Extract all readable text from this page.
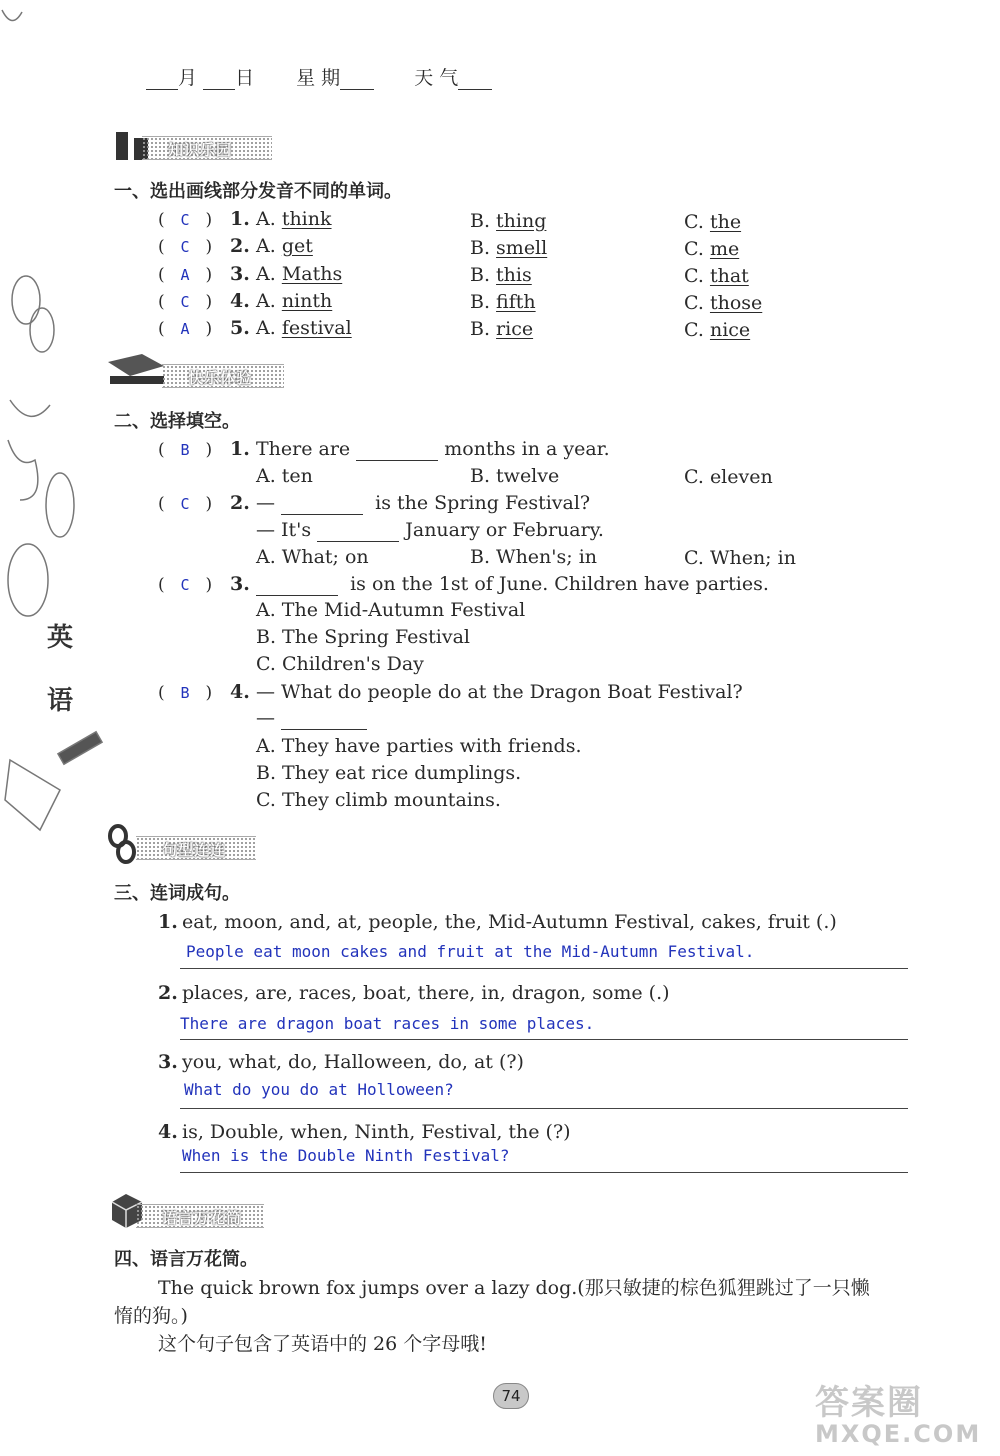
英
语
月 日 星 期	天 气
知识乐园
一、选出画线部分发音不同的单词。
( C ) 1. A. think	B. thing	C. the
( C ) 2. A. get	B. smell	C. me
( A ) 3. A. Maths	B. this	C. that
( C ) 4. A. ninth	B. fifth	C. those
( A ) 5. A. festival	B. rice	C. nice
快乐体验
二、选择填空。
( B ) 1. There are	months in a year.
A. ten	B. twelve	C. eleven
( C ) 2. —	is the Spring Festival?
— It's	January or February.
A. What; on	B. When's; in	C. When; in
( C ) 3.	is on the 1st of June. Children have parties.
A. The Mid-Autumn Festival
B. The Spring Festival
C. Children's Day
( B ) 4. — What do people do at the Dragon Boat Festival?
—
A. They have parties with friends.
B. They eat rice dumplings.
C. They climb mountains.
句型连连
三、连词成句。
1. eat, moon, and, at, people, the, Mid-Autumn Festival, cakes, fruit (.)
People eat moon cakes and fruit at the Mid-Autumn Festival.
2. places, are, races, boat, there, in, dragon, some (.)
There are dragon boat races in some places.
3. you, what, do, Halloween, do, at (?)
What do you do at Holloween?
4. is, Double, when, Ninth, Festival, the (?)
When is the Double Ninth Festival?
语言万花筒
四、语言万花筒。
The quick brown fox jumps over a lazy dog.(那只敏捷的棕色狐狸跳过了一只懒
惰的狗。)
这个句子包含了英语中的 26 个字母哦!
74	答案圈
MXQE.COM
